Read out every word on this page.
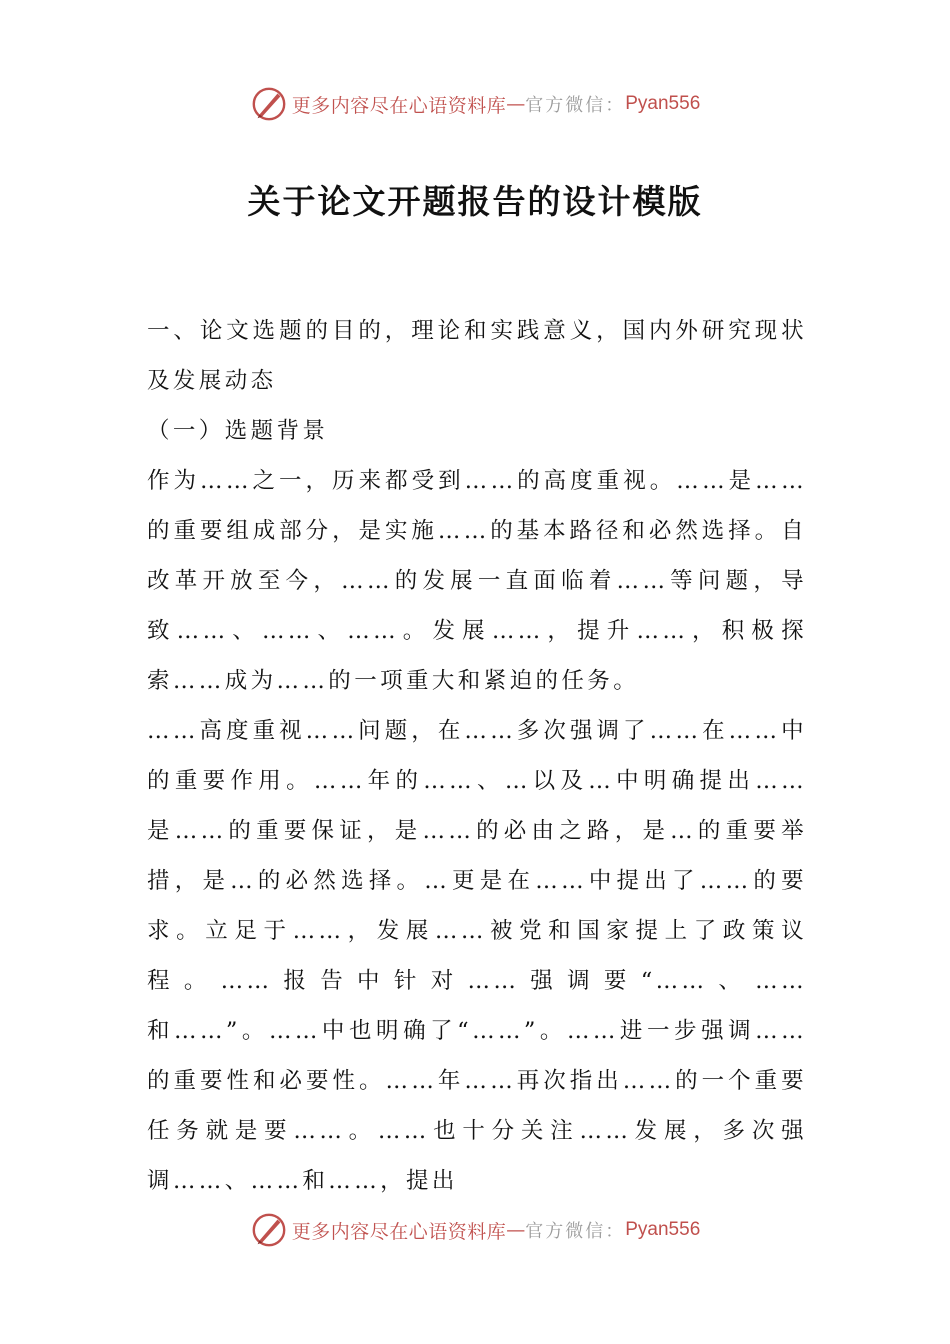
更多内容尽在心语资料库 — 官方微信： Pyan556
关于论文开题报告的设计模版

一、论文选题的目的，理论和实践意义，国内外研究现状及发展动态

（一）选题背景

作为……之一，历来都受到……的高度重视。……是……的重要组成部分，是实施……的基本路径和必然选择。自改革开放至今，……的发展一直面临着……等问题，导致……、……、……。发展……，提升……，积极探索……成为……的一项重大和紧迫的任务。

……高度重视……问题，在……多次强调了……在……中的重要作用。……年的……、…以及…中明确提出……是……的重要保证，是……的必由之路，是…的重要举措，是…的必然选择。…更是在……中提出了……的要求。立足于……，发展……被党和国家提上了政策议程。……报告中针对……强调要“……、……和……”。……中也明确了“……”。……进一步强调……的重要性和必要性。……年……再次指出……的一个重要任务就是要……。……也十分关注……发展，多次强调……、……和……，提出

更多内容尽在心语资料库 — 官方微信： Pyan556
